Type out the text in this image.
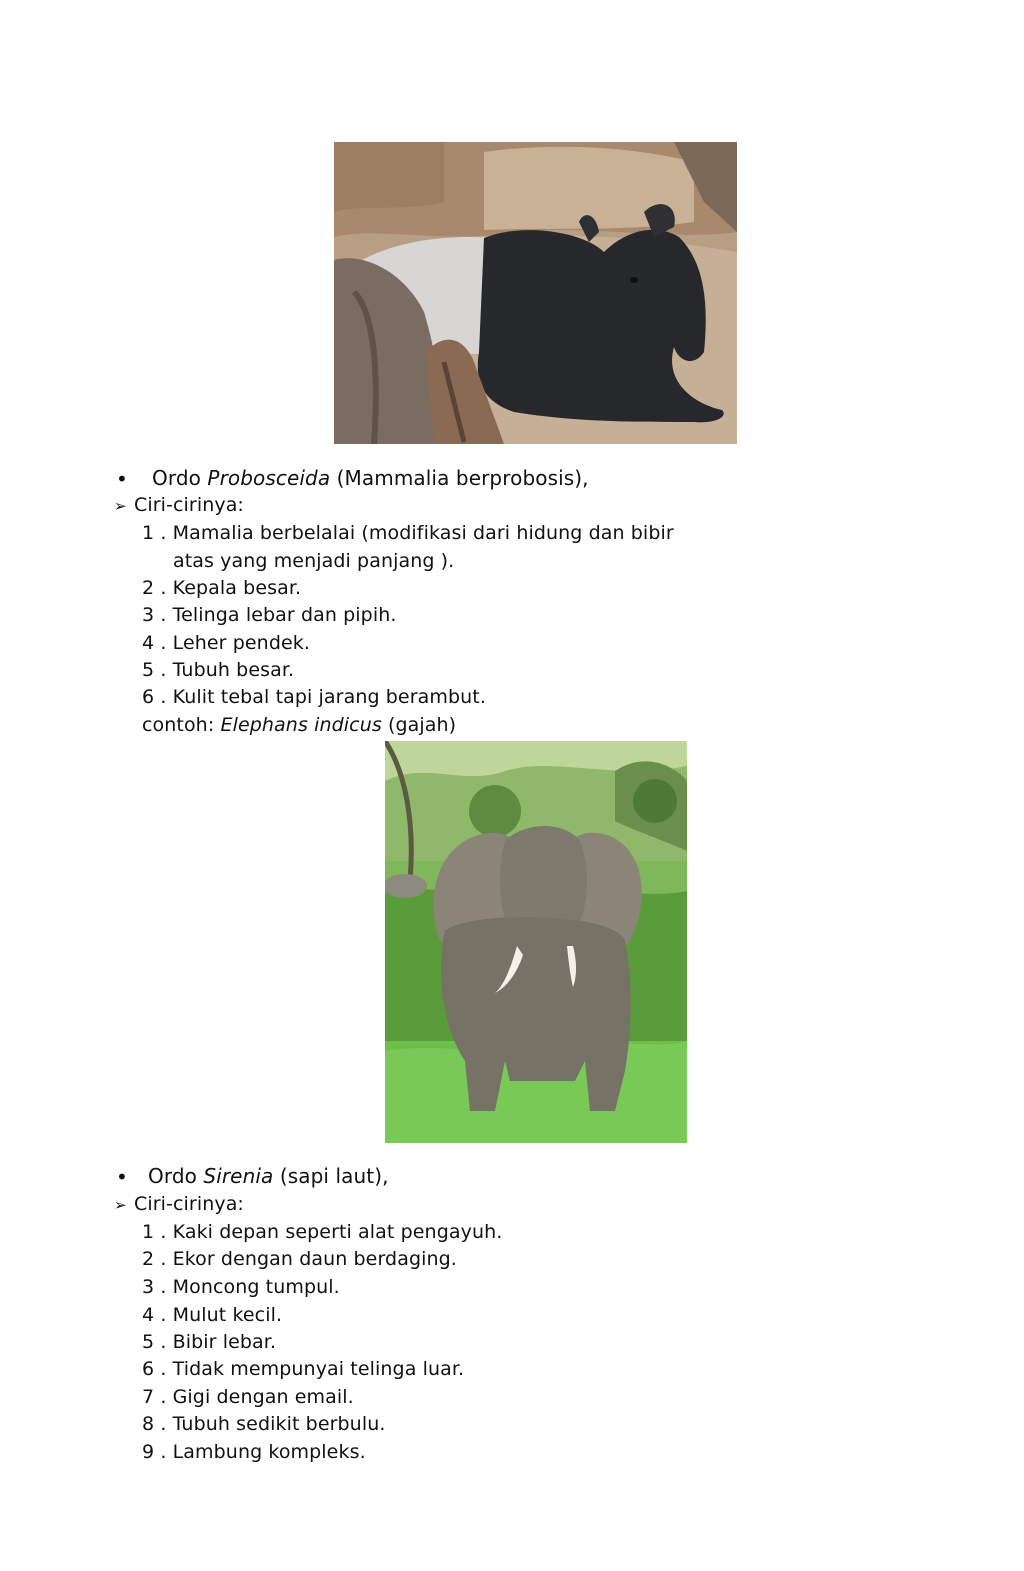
• Ordo Probosceida (Mammalia berprobosis),
➢ Ciri-cirinya:
1 . Mamalia berbelalai (modifikasi dari hidung dan bibir
atas yang menjadi panjang ).
2 . Kepala besar.
3 . Telinga lebar dan pipih.
4 . Leher pendek.
5 . Tubuh besar.
6 . Kulit tebal tapi jarang berambut.
contoh: Elephans indicus (gajah)
• Ordo Sirenia (sapi laut),
➢ Ciri-cirinya:
1 . Kaki depan seperti alat pengayuh.
2 . Ekor dengan daun berdaging.
3 . Moncong tumpul.
4 . Mulut kecil.
5 . Bibir lebar.
6 . Tidak mempunyai telinga luar.
7 . Gigi dengan email.
8 . Tubuh sedikit berbulu.
9 . Lambung kompleks.
